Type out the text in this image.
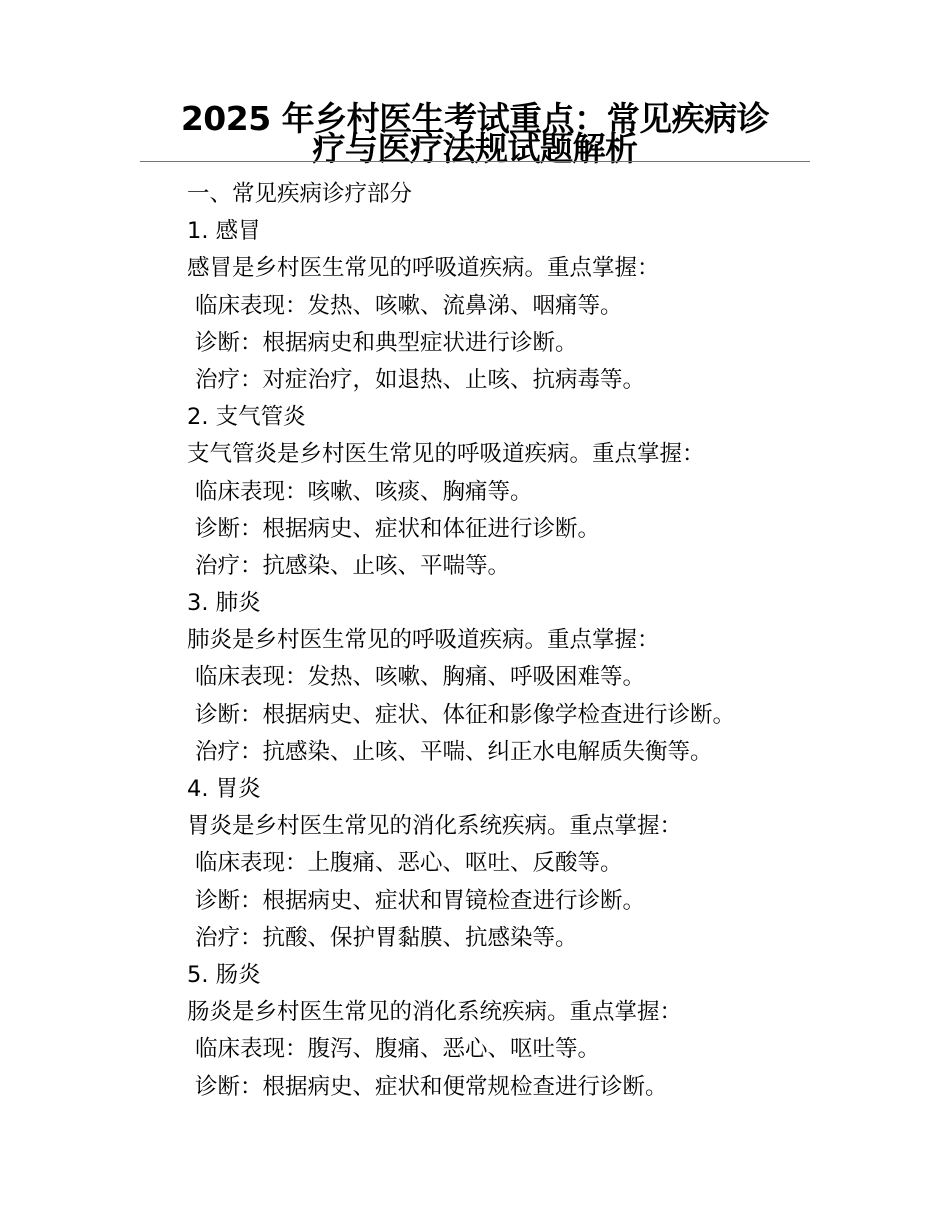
2025 年乡村医生考试重点：常见疾病诊
疗与医疗法规试题解析
一、常见疾病诊疗部分
1. 感冒
感冒是乡村医生常见的呼吸道疾病。重点掌握：
临床表现：发热、咳嗽、流鼻涕、咽痛等。
诊断：根据病史和典型症状进行诊断。
治疗：对症治疗，如退热、止咳、抗病毒等。
2. 支气管炎
支气管炎是乡村医生常见的呼吸道疾病。重点掌握：
临床表现：咳嗽、咳痰、胸痛等。
诊断：根据病史、症状和体征进行诊断。
治疗：抗感染、止咳、平喘等。
3. 肺炎
肺炎是乡村医生常见的呼吸道疾病。重点掌握：
临床表现：发热、咳嗽、胸痛、呼吸困难等。
诊断：根据病史、症状、体征和影像学检查进行诊断。
治疗：抗感染、止咳、平喘、纠正水电解质失衡等。
4. 胃炎
胃炎是乡村医生常见的消化系统疾病。重点掌握：
临床表现：上腹痛、恶心、呕吐、反酸等。
诊断：根据病史、症状和胃镜检查进行诊断。
治疗：抗酸、保护胃黏膜、抗感染等。
5. 肠炎
肠炎是乡村医生常见的消化系统疾病。重点掌握：
临床表现：腹泻、腹痛、恶心、呕吐等。
诊断：根据病史、症状和便常规检查进行诊断。
